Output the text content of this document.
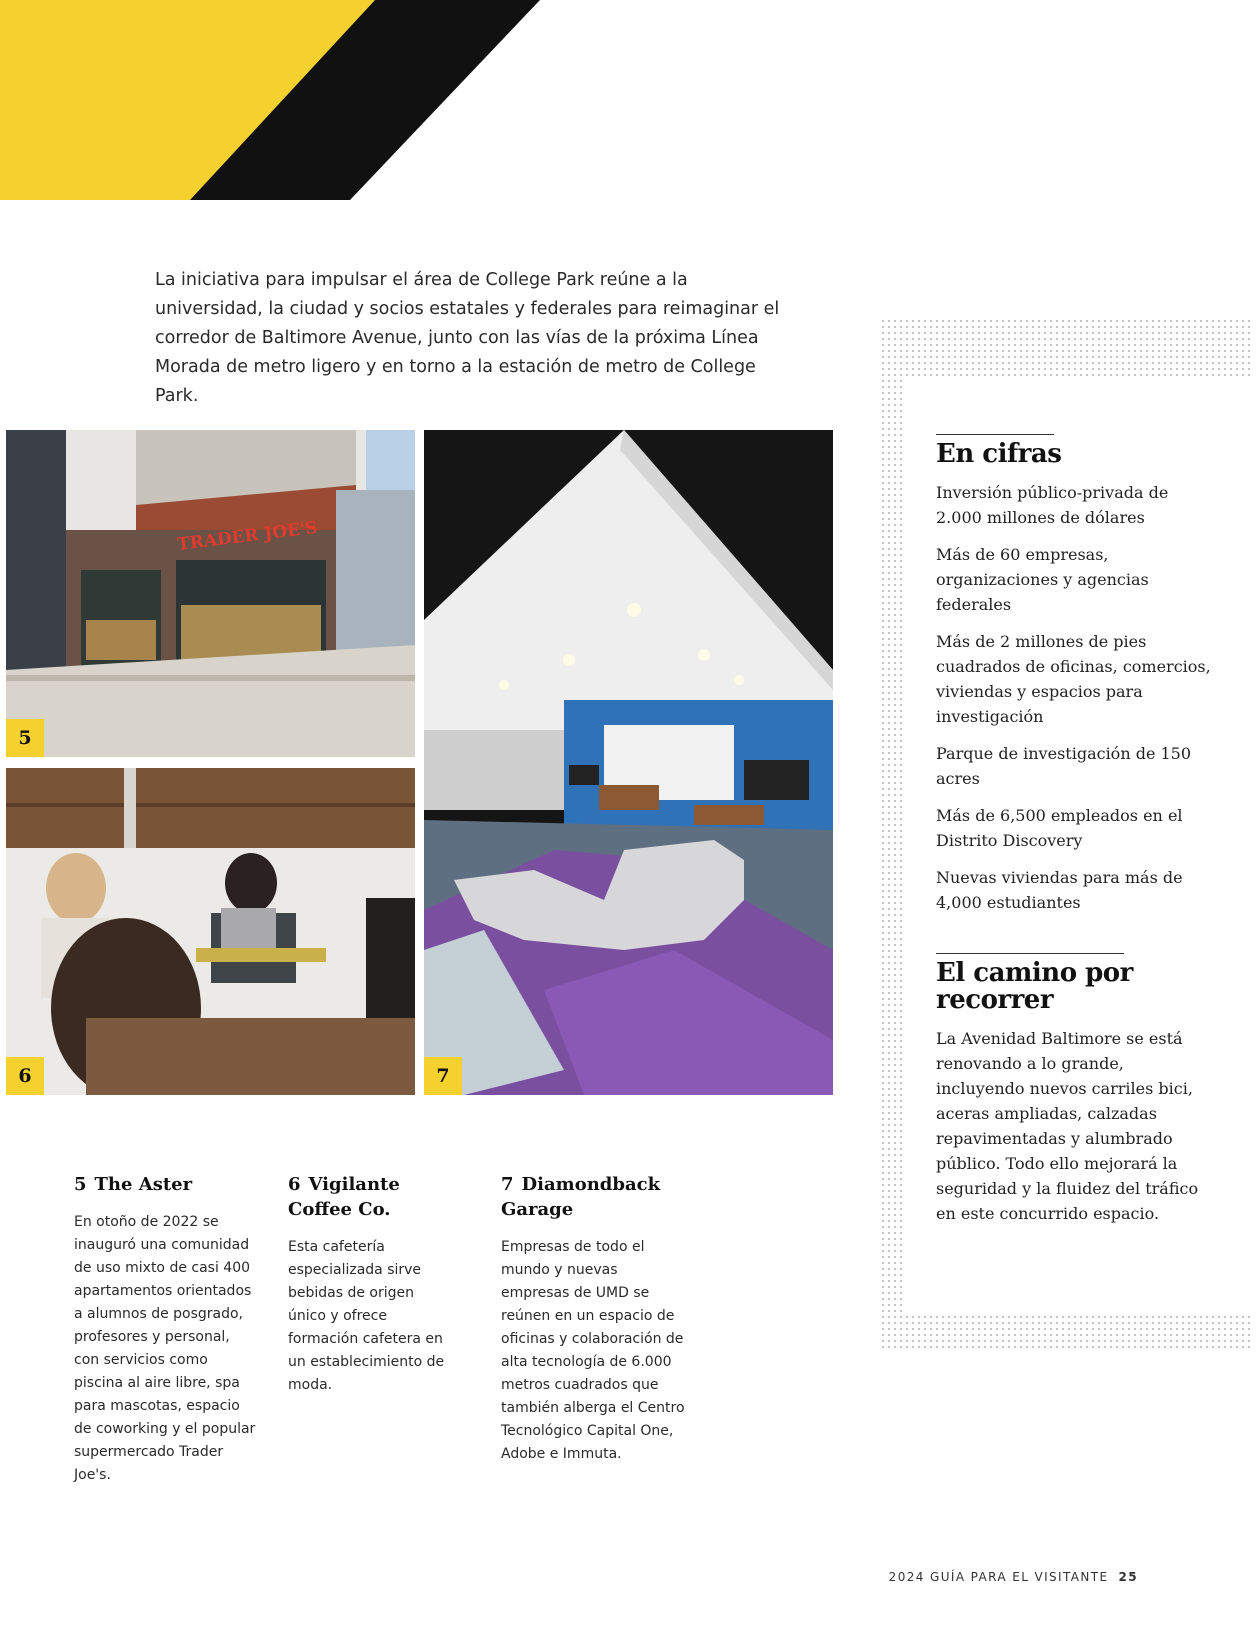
La iniciativa para impulsar el área de College Park reúne a la universidad, la ciudad y socios estatales y federales para reimaginar el corredor de Baltimore Avenue, junto con las vías de la próxima Línea Morada de metro ligero y en torno a la estación de metro de College Park.

TRADER JOE'S
5
6	7
5 The Aster

En otoño de 2022 se inauguró una comunidad de uso mixto de casi 400 apartamentos orientados a alumnos de posgrado, profesores y personal, con servicios como piscina al aire libre, spa para mascotas, espacio de coworking y el popular supermercado Trader Joe's.

6 Vigilante Coffee Co.

Esta cafetería especializada sirve bebidas de origen único y ofrece formación cafetera en un establecimiento de moda.

7 Diamondback Garage

Empresas de todo el mundo y nuevas empresas de UMD se reúnen en un espacio de oficinas y colaboración de alta tecnología de 6.000 metros cuadrados que también alberga el Centro Tecnológico Capital One, Adobe e Immuta.

En cifras

Inversión público-privada de 2.000 millones de dólares

Más de 60 empresas, organizaciones y agencias federales

Más de 2 millones de pies cuadrados de oficinas, comercios, viviendas y espacios para investigación

Parque de investigación de 150 acres

Más de 6,500 empleados en el Distrito Discovery

Nuevas viviendas para más de 4,000 estudiantes

El camino por recorrer

La Avenidad Baltimore se está renovando a lo grande, incluyendo nuevos carriles bici, aceras ampliadas, calzadas repavimentadas y alumbrado público. Todo ello mejorará la seguridad y la fluidez del tráfico en este concurrido espacio.

2024 GUÍA PARA EL VISITANTE 25
